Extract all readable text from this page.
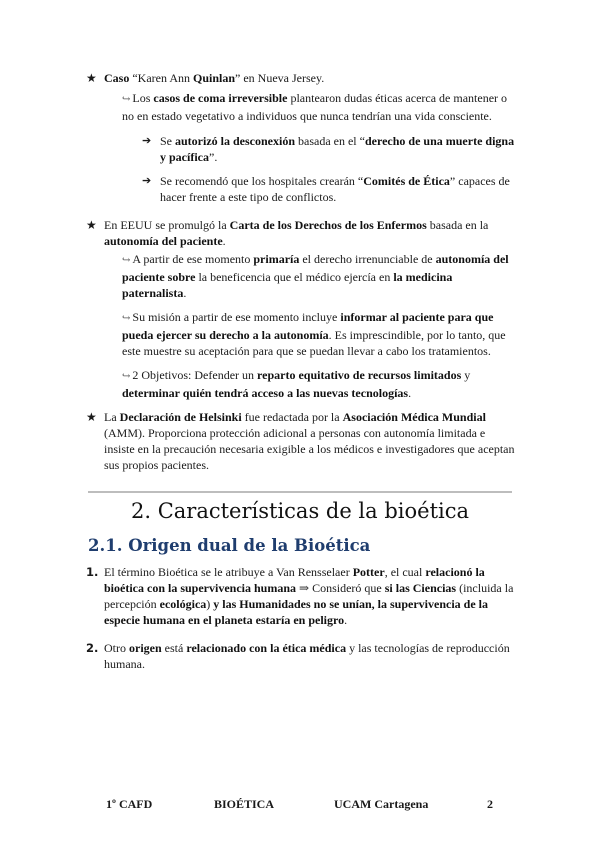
★ Caso “Karen Ann Quinlan” en Nueva Jersey.
↪ Los casos de coma irreversible plantearon dudas éticas acerca de mantener o no en estado vegetativo a individuos que nunca tendrían una vida consciente.
➔ Se autorizó la desconexión basada en el “derecho de una muerte digna y pacífica”.
➔ Se recomendó que los hospitales crearán “Comités de Ética” capaces de hacer frente a este tipo de conflictos.
★ En EEUU se promulgó la Carta de los Derechos de los Enfermos basada en la autonomía del paciente.
↪ A partir de ese momento primaría el derecho irrenunciable de autonomía del paciente sobre la beneficencia que el médico ejercía en la medicina paternalista.
↪ Su misión a partir de ese momento incluye informar al paciente para que pueda ejercer su derecho a la autonomía. Es imprescindible, por lo tanto, que este muestre su aceptación para que se puedan llevar a cabo los tratamientos.
↪ 2 Objetivos: Defender un reparto equitativo de recursos limitados y determinar quién tendrá acceso a las nuevas tecnologías.
★ La Declaración de Helsinki fue redactada por la Asociación Médica Mundial (AMM). Proporciona protección adicional a personas con autonomía limitada e insiste en la precaución necesaria exigible a los médicos e investigadores que aceptan sus propios pacientes.
2. Características de la bioética
2.1. Origen dual de la Bioética
1. El término Bioética se le atribuye a Van Rensselaer Potter, el cual relacionó la bioética con la supervivencia humana ⇒ Consideró que si las Ciencias (incluida la percepción ecológica) y las Humanidades no se unían, la supervivencia de la especie humana en el planeta estaría en peligro.
2. Otro origen está relacionado con la ética médica y las tecnologías de reproducción humana.
1º CAFD	BIOÉTICA	UCAM Cartagena	2
